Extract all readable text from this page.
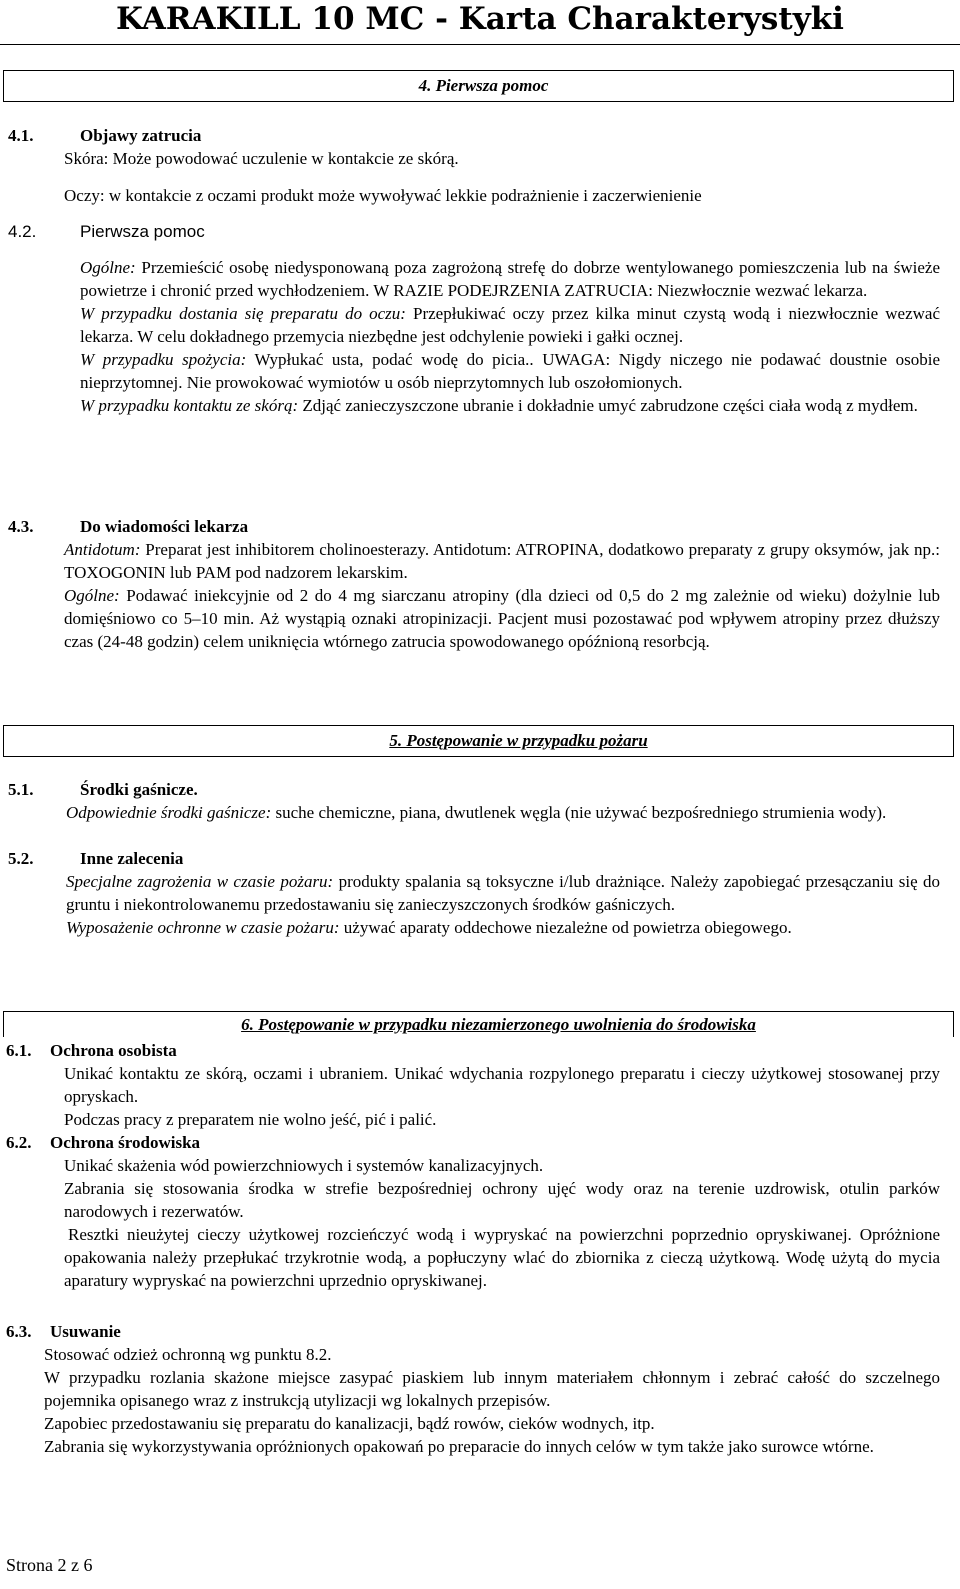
KARAKILL 10 MC - Karta Charakterystyki
4. Pierwsza pomoc
4.1.	Objawy zatrucia
Skóra: Może powodować uczulenie w kontakcie ze skórą.
Oczy: w kontakcie z oczami produkt może wywoływać lekkie podrażnienie i zaczerwienienie
4.2.	Pierwsza pomoc

Ogólne: Przemieścić osobę niedysponowaną poza zagrożoną strefę do dobrze wentylowanego pomieszczenia lub na świeże powietrze i chronić przed wychłodzeniem. W RAZIE PODEJRZENIA ZATRUCIA: Niezwłocznie wezwać lekarza.

W przypadku dostania się preparatu do oczu: Przepłukiwać oczy przez kilka minut czystą wodą i niezwłocznie wezwać lekarza. W celu dokładnego przemycia niezbędne jest odchylenie powieki i gałki ocznej.

W przypadku spożycia: Wypłukać usta, podać wodę do picia.. UWAGA: Nigdy niczego nie podawać doustnie osobie nieprzytomnej. Nie prowokować wymiotów u osób nieprzytomnych lub oszołomionych.

W przypadku kontaktu ze skórą: Zdjąć zanieczyszczone ubranie i dokładnie umyć zabrudzone części ciała wodą z mydłem.

4.3.	Do wiadomości lekarza

Antidotum: Preparat jest inhibitorem cholinoesterazy. Antidotum: ATROPINA, dodatkowo preparaty z grupy oksymów, jak np.: TOXOGONIN lub PAM pod nadzorem lekarskim.

Ogólne: Podawać iniekcyjnie od 2 do 4 mg siarczanu atropiny (dla dzieci od 0,5 do 2 mg zależnie od wieku) dożylnie lub domięśniowo co 5–10 min. Aż wystąpią oznaki atropinizacji. Pacjent musi pozostawać pod wpływem atropiny przez dłuższy czas (24-48 godzin) celem uniknięcia wtórnego zatrucia spowodowanego opóźnioną resorbcją.

5. Postępowanie w przypadku pożaru
5.1.	Środki gaśnicze.

Odpowiednie środki gaśnicze: suche chemiczne, piana, dwutlenek węgla (nie używać bezpośredniego strumienia wody).

5.2.	Inne zalecenia

Specjalne zagrożenia w czasie pożaru: produkty spalania są toksyczne i/lub drażniące. Należy zapobiegać przesączaniu się do gruntu i niekontrolowanemu przedostawaniu się zanieczyszczonych środków gaśniczych.

Wyposażenie ochronne w czasie pożaru: używać aparaty oddechowe niezależne od powietrza obiegowego.

6. Postępowanie w przypadku niezamierzonego uwolnienia do środowiska
6.1. Ochrona osobista

Unikać kontaktu ze skórą, oczami i ubraniem. Unikać wdychania rozpylonego preparatu i cieczy użytkowej stosowanej przy opryskach.

Podczas pracy z preparatem nie wolno jeść, pić i palić.

6.2. Ochrona środowiska

Unikać skażenia wód powierzchniowych i systemów kanalizacyjnych.

Zabrania się stosowania środka w strefie bezpośredniej ochrony ujęć wody oraz na terenie uzdrowisk, otulin parków narodowych i rezerwatów.

Resztki nieużytej cieczy użytkowej rozcieńczyć wodą i wypryskać na powierzchni poprzednio opryskiwanej. Opróżnione opakowania należy przepłukać trzykrotnie wodą, a popłuczyny wlać do zbiornika z cieczą użytkową. Wodę użytą do mycia aparatury wypryskać na powierzchni uprzednio opryskiwanej.

6.3. Usuwanie

Stosować odzież ochronną wg punktu 8.2.

W przypadku rozlania skażone miejsce zasypać piaskiem lub innym materiałem chłonnym i zebrać całość do szczelnego pojemnika opisanego wraz z instrukcją utylizacji wg lokalnych przepisów.

Zapobiec przedostawaniu się preparatu do kanalizacji, bądź rowów, cieków wodnych, itp.

Zabrania się wykorzystywania opróżnionych opakowań po preparacie do innych celów w tym także jako surowce wtórne.

Strona 2 z 6
